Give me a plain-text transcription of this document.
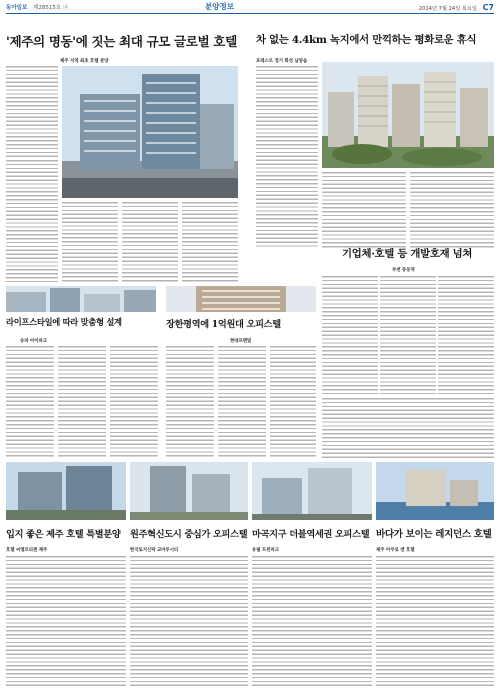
동아일보 제28515호 ⓐ	분양정보	2014년 7월 24일 목요일 C7
'제주의 명동'에 짓는 최대 규모 글로벌 호텔
제주 지역 최초 호텔 분양
차 없는 4.4km 녹지에서 만끽하는 평화로운 휴식
포레스트 경기 화성 남양읍
기업체·호텔 등 개발호재 넘쳐
부천 중동역
라이프스타일에 따라 맞춤형 설계
송파 아이파크
장한평역에 1억원대 오피스텔
현대프렌빌
입지 좋은 제주 호텔 특별분양
호텔 씨엘르리젠 제주
원주혁신도시 중심가 오피스텔
한국토지신탁 교마루시티
마곡지구 더블역세권 오피스텔
유림 트윈파크
바다가 보이는 레지던스 호텔
제주 아쿠로 앤 호텔
